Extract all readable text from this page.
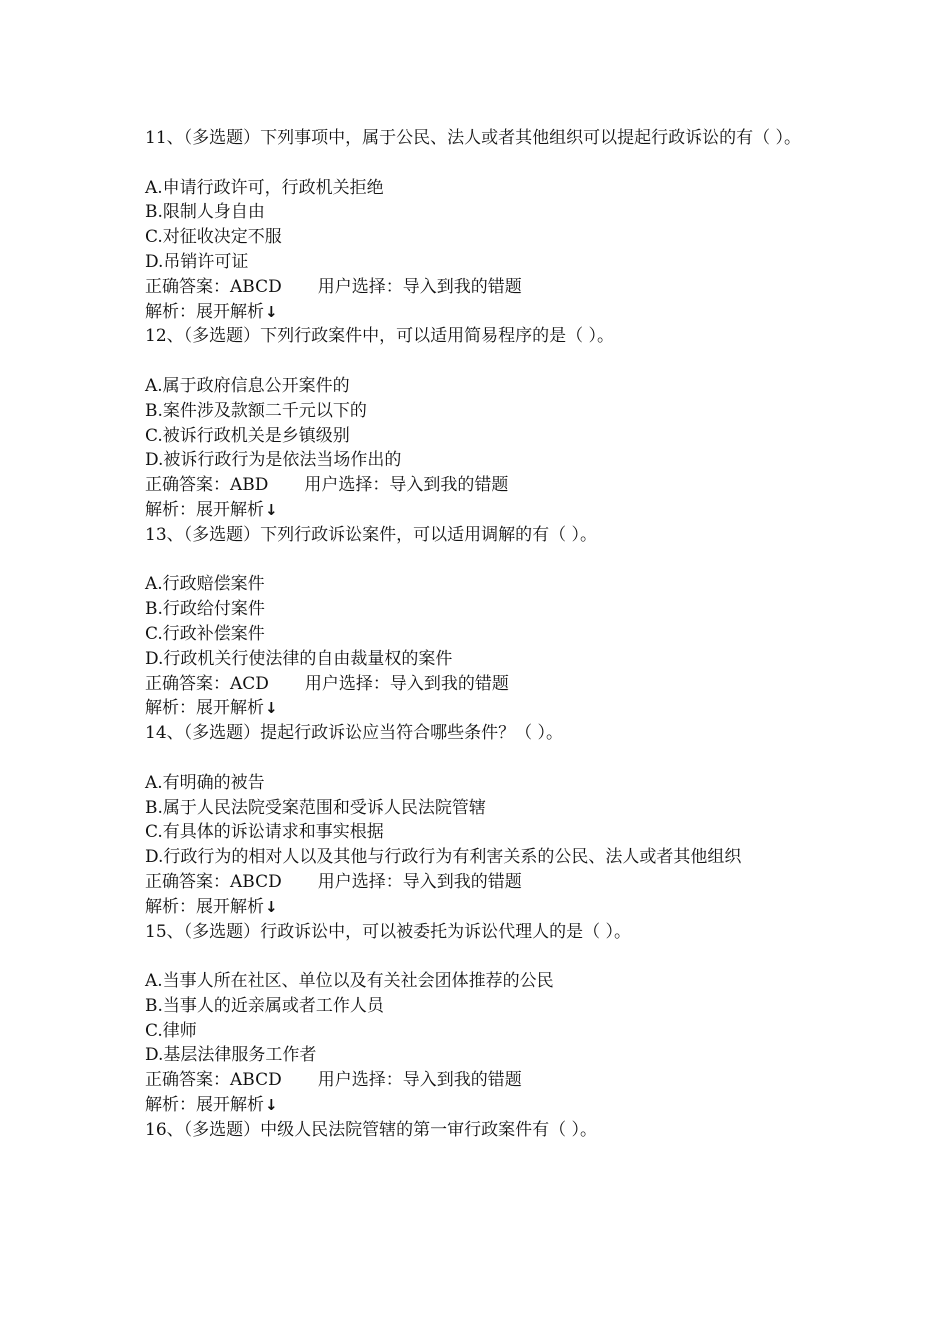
11、（多选题）下列事项中，属于公民、法人或者其他组织可以提起行政诉讼的有（ ）。

A.申请行政许可，行政机关拒绝

B.限制人身自由

C.对征收决定不服

D.吊销许可证

正确答案：ABCD 用户选择：导入到我的错题

解析：展开解析↓

12、（多选题）下列行政案件中，可以适用简易程序的是（ ）。

A.属于政府信息公开案件的

B.案件涉及款额二千元以下的

C.被诉行政机关是乡镇级别

D.被诉行政行为是依法当场作出的

正确答案：ABD 用户选择：导入到我的错题

解析：展开解析↓

13、（多选题）下列行政诉讼案件，可以适用调解的有（ ）。

A.行政赔偿案件

B.行政给付案件

C.行政补偿案件

D.行政机关行使法律的自由裁量权的案件

正确答案：ACD 用户选择：导入到我的错题

解析：展开解析↓

14、（多选题）提起行政诉讼应当符合哪些条件？（ ）。

A.有明确的被告

B.属于人民法院受案范围和受诉人民法院管辖

C.有具体的诉讼请求和事实根据

D.行政行为的相对人以及其他与行政行为有利害关系的公民、法人或者其他组织

正确答案：ABCD 用户选择：导入到我的错题

解析：展开解析↓

15、（多选题）行政诉讼中，可以被委托为诉讼代理人的是（ ）。

A.当事人所在社区、单位以及有关社会团体推荐的公民

B.当事人的近亲属或者工作人员

C.律师

D.基层法律服务工作者

正确答案：ABCD 用户选择：导入到我的错题

解析：展开解析↓

16、（多选题）中级人民法院管辖的第一审行政案件有（ ）。
